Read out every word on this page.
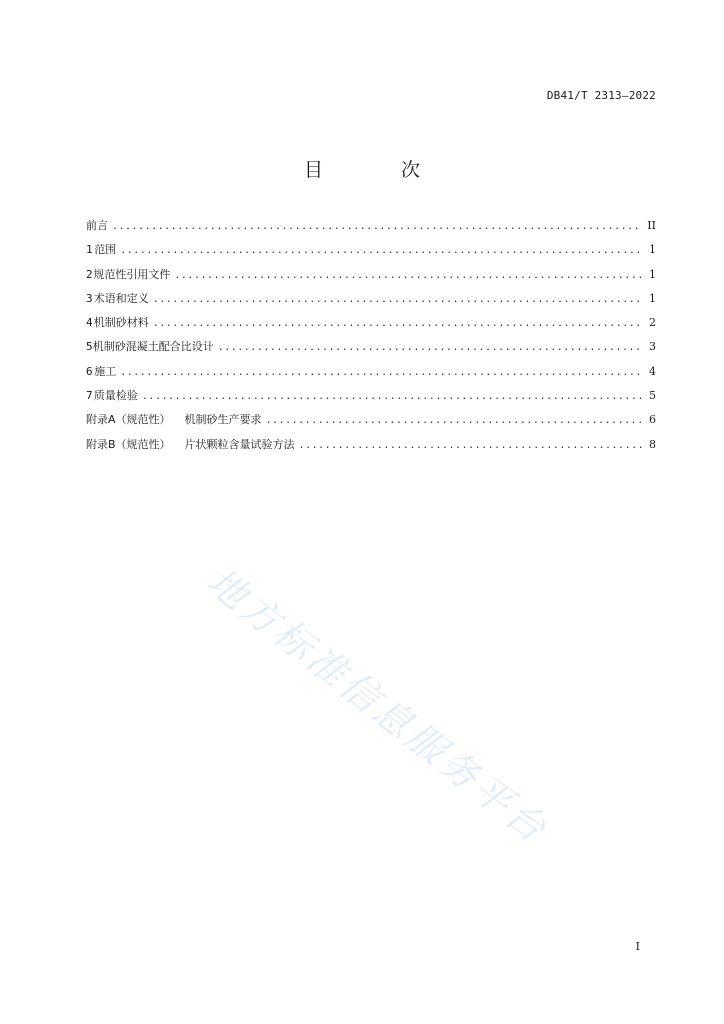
DB41/T 2313—2022
目 次
前言 .....	II
1 范围 .....	1
2 规范性引用文件 .....	1
3 术语和定义 .....	1
4 机制砂材料 .....	2
5 机制砂混凝土配合比设计 .....	3
6 施工 .....	4
7 质量检验 .....	5
附录A（规范性） 机制砂生产要求 .....	6
附录B（规范性） 片状颗粒含量试验方法 .....	8
地方标准信息服务平台
I
